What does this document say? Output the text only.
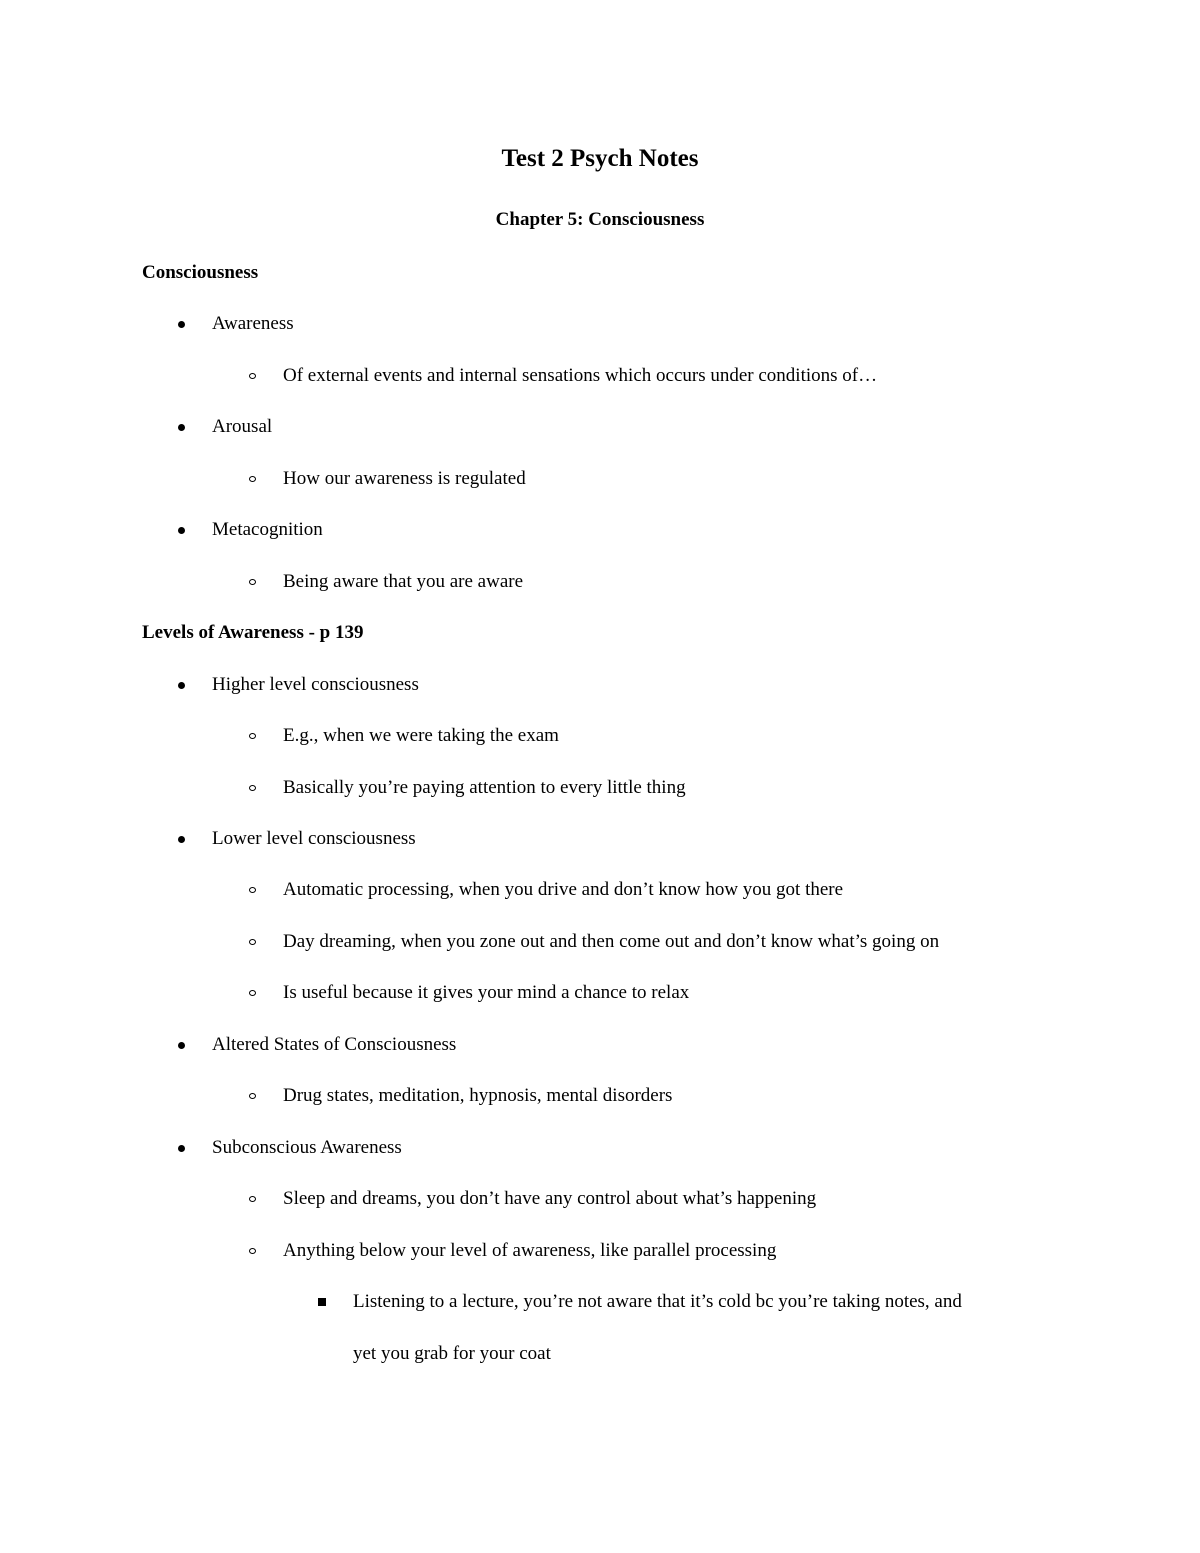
Test 2 Psych Notes
Chapter 5: Consciousness
Consciousness
Awareness
Of external events and internal sensations which occurs under conditions of…
Arousal
How our awareness is regulated
Metacognition
Being aware that you are aware
Levels of Awareness - p 139
Higher level consciousness
E.g., when we were taking the exam
Basically you’re paying attention to every little thing
Lower level consciousness
Automatic processing, when you drive and don’t know how you got there
Day dreaming, when you zone out and then come out and don’t know what’s going on
Is useful because it gives your mind a chance to relax
Altered States of Consciousness
Drug states, meditation, hypnosis, mental disorders
Subconscious Awareness
Sleep and dreams, you don’t have any control about what’s happening
Anything below your level of awareness, like parallel processing
Listening to a lecture, you’re not aware that it’s cold bc you’re taking notes, and
yet you grab for your coat
